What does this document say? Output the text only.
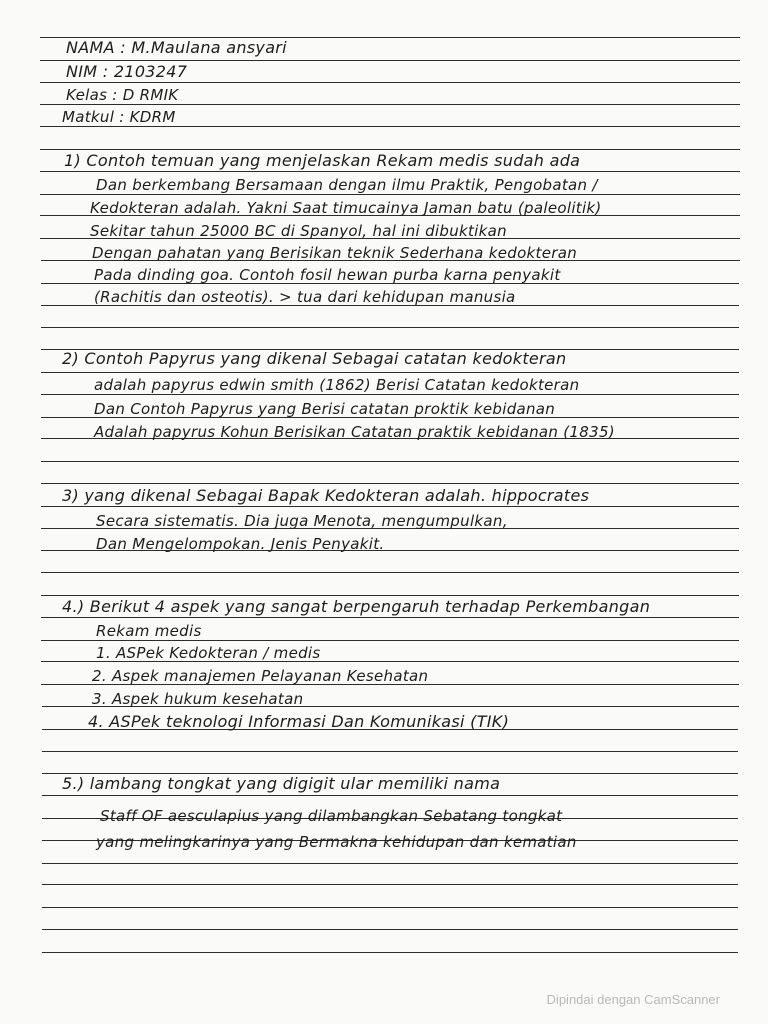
NAMA : M.Maulana ansyari
NIM : 2103247
Kelas : D RMIK
Matkul : KDRM
1) Contoh temuan yang menjelaskan Rekam medis sudah ada
Dan berkembang Bersamaan dengan ilmu Praktik, Pengobatan /
Kedokteran adalah. Yakni Saat timucainya Jaman batu (paleolitik)
Sekitar tahun 25000 BC di Spanyol, hal ini dibuktikan
Dengan pahatan yang Berisikan teknik Sederhana kedokteran
Pada dinding goa. Contoh fosil hewan purba karna penyakit
(Rachitis dan osteotis). > tua dari kehidupan manusia
2) Contoh Papyrus yang dikenal Sebagai catatan kedokteran
adalah papyrus edwin smith (1862) Berisi Catatan kedokteran
Dan Contoh Papyrus yang Berisi catatan proktik kebidanan
Adalah papyrus Kohun Berisikan Catatan praktik kebidanan (1835)
3) yang dikenal Sebagai Bapak Kedokteran adalah. hippocrates
Secara sistematis. Dia juga Menota, mengumpulkan,
Dan Mengelompokan. Jenis Penyakit.
4.) Berikut 4 aspek yang sangat berpengaruh terhadap Perkembangan
Rekam medis
1. ASPek Kedokteran / medis
2. Aspek manajemen Pelayanan Kesehatan
3. Aspek hukum kesehatan
4. ASPek teknologi Informasi Dan Komunikasi (TIK)
5.) lambang tongkat yang digigit ular memiliki nama
Staff OF aesculapius yang dilambangkan Sebatang tongkat
yang melingkarinya yang Bermakna kehidupan dan kematian
Dipindai dengan CamScanner
